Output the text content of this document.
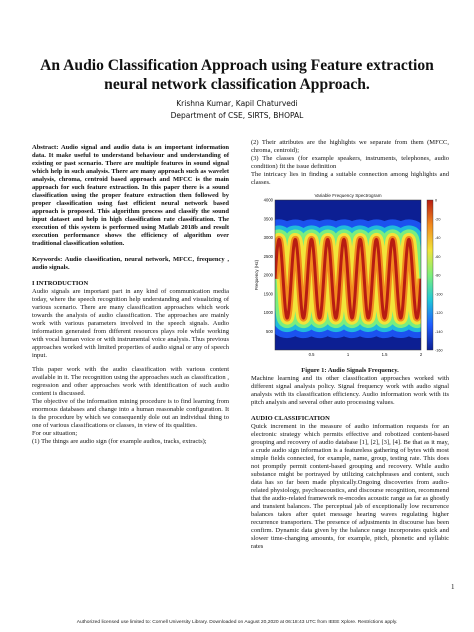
An Audio Classification Approach using Feature extraction neural network classification Approach.
Krishna Kumar, Kapil Chaturvedi
Department of CSE, SIRTS, BHOPAL

Abstract: Audio signal and audio data is an important information data. It make useful to understand behaviour and understanding of existing or past scenario. There are multiple features in sound signal which help in such analysis. There are many approach such as wavelet analysis, chroma, centroid based approach and MFCC is the main approach for such feature extraction. In this paper there is a sound classification using the proper feature extraction then followed by proper classification using fast efficient neural network based approach is proposed. This algorithm process and classify the sound input dataset and help in high classification rate classification. The execution of this system is performed using Matlab 2018b and result execution performance shows the efficiency of algorithm over traditional classification solution.

Keywords: Audio classification, neural network, MFCC, frequency , audio signals.

I INTRODUCTION

Audio signals are important part in any kind of communication media today, where the speech recognition help understanding and visualizing of various scenario. There are many classification approaches which work towards the analysis of audio classification. The approaches are mainly work with various parameters involved in the speech signals. Audio information generated from different resources plays role while working with vocal human voice or with instrumental voice analysis. Thus previous approaches worked with limited properties of audio signal or any of speech input.

This paper work with the audio classification with various content available in it. The recognition using the approaches such as classification , regression and other approaches work with identification of such audio content is discussed.

The objective of the information mining procedure is to find learning from enormous databases and change into a human reasonable configuration. It is the procedure by which we consequently dole out an individual thing to one of various classifications or classes, in view of its qualities.

For our situation;

(1) The things are audio sign (for example audios, tracks, extracts);

(2) Their attributes are the highlights we separate from them (MFCC, chroma, centroid);

(3) The classes (for example speakers, instruments, telephones, audio condition) fit the issue definition

The intricacy lies in finding a suitable connection among highlights and classes.

Variable Frequency Spectrogram
500
1000
1500
2000
2500
3000
3500
4000
0.5	1	1.5	2
Frequency (Hz)
0
-20
-40
-60
-80
-100
-120
-140
-160

Figure 1: Audio Signals Frequency.

Machine learning and its other classification approaches worked with different signal analysis policy. Signal frequency work with audio signal analysis with its classification efficiency. Audio information work with its pitch analysis and several other auto processing values.

AUDIO CLASSIFICATION

Quick increment in the measure of audio information requests for an electronic strategy which permits effective and robotized content-based grouping and recovery of audio database [1], [2], [3], [4]. Be that as it may, a crude audio sign information is a featureless gathering of bytes with most simple fields connected, for example, name, group, testing rate. This does not promptly permit content-based grouping and recovery. While audio substance might be portrayed by utilizing catchphrases and content, such data has so far been made physically.Ongoing discoveries from audio-related physiology, psychoacoustics, and discourse recognition, recommend that the audio-related framework re-encodes acoustic range as far as ghostly and transient balances. The perceptual jab of exceptionally low recurrence balances takes after quiet message hearing waves regulating higher recurrence transporters. The presence of adjustments in discourse has been confirm. Dynamic data given by the balance range incorporates quick and slower time-changing amounts, for example, pitch, phonetic and syllabic rates

1
Authorized licensed use limited to: Cornell University Library. Downloaded on August 20,2020 at 06:18:43 UTC from IEEE Xplore. Restrictions apply.
